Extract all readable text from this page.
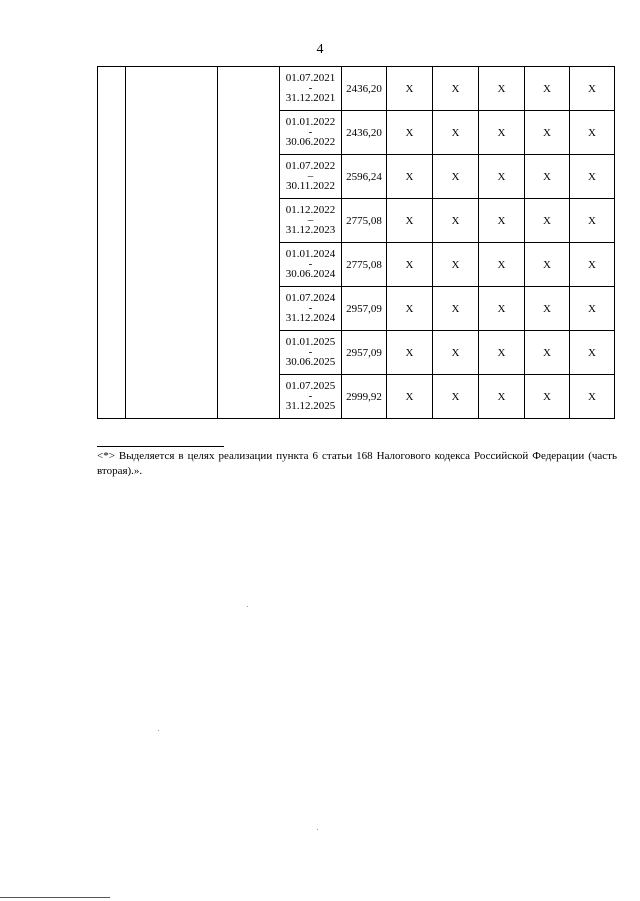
4

			01.07.2021
-
31.12.2021	2436,20	X	X	X	X	X

			01.01.2022
-
30.06.2022	2436,20	X	X	X	X	X

			01.07.2022
–
30.11.2022	2596,24	X	X	X	X	X

			01.12.2022
–
31.12.2023	2775,08	X	X	X	X	X

			01.01.2024
-
30.06.2024	2775,08	X	X	X	X	X

			01.07.2024
-
31.12.2024	2957,09	X	X	X	X	X

			01.01.2025
-
30.06.2025	2957,09	X	X	X	X	X

			01.07.2025
-
31.12.2025	2999,92	X	X	X	X	X
<*> Выделяется в целях реализации пункта 6 статьи 168 Налогового кодекса Российской Федерации (часть вторая).».
